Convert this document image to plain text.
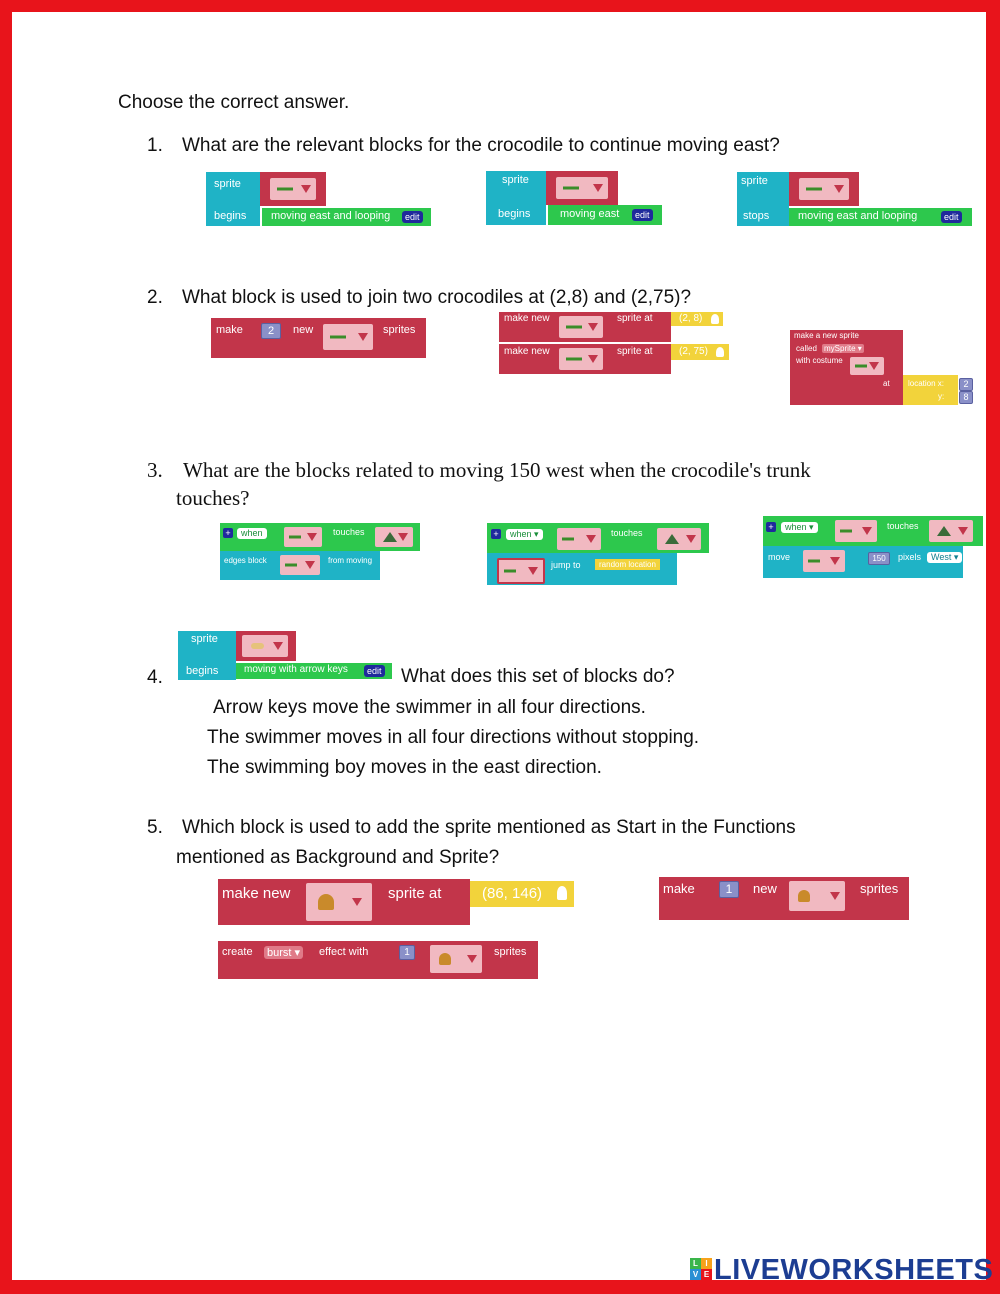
Choose the correct answer.
1. What are the relevant blocks for the crocodile to continue moving east?
sprite
begins moving east and looping	edit
sprite
begins	moving east	edit
sprite
stops	moving east and looping	edit
2. What block is used to join two crocodiles at (2,8) and (2,75)?
make	2	new	sprites
make new	sprite at	(2, 8)
make new	sprite at	(2, 75)
make a new sprite
called mySprite ▾
with costume
at location x:
y:
2
8
3. What are the blocks related to moving 150 west when the crocodile's trunk
touches?
+	when	touches
edges block	from moving
+	when ▾	touches
jump to	random location
+	when ▾	touches
move	150	pixels	West ▾
sprite
begins	moving with arrow keys	edit
4.	What does this set of blocks do?
Arrow keys move the swimmer in all four directions.
The swimmer moves in all four directions without stopping.
The swimming boy moves in the east direction.
5. Which block is used to add the sprite mentioned as Start in the Functions
mentioned as Background and Sprite?
make new	sprite at	(86, 146)	make	1	new	sprites
create burst ▾ effect with	1	sprites
L I
V E LIVEWORKSHEETS
